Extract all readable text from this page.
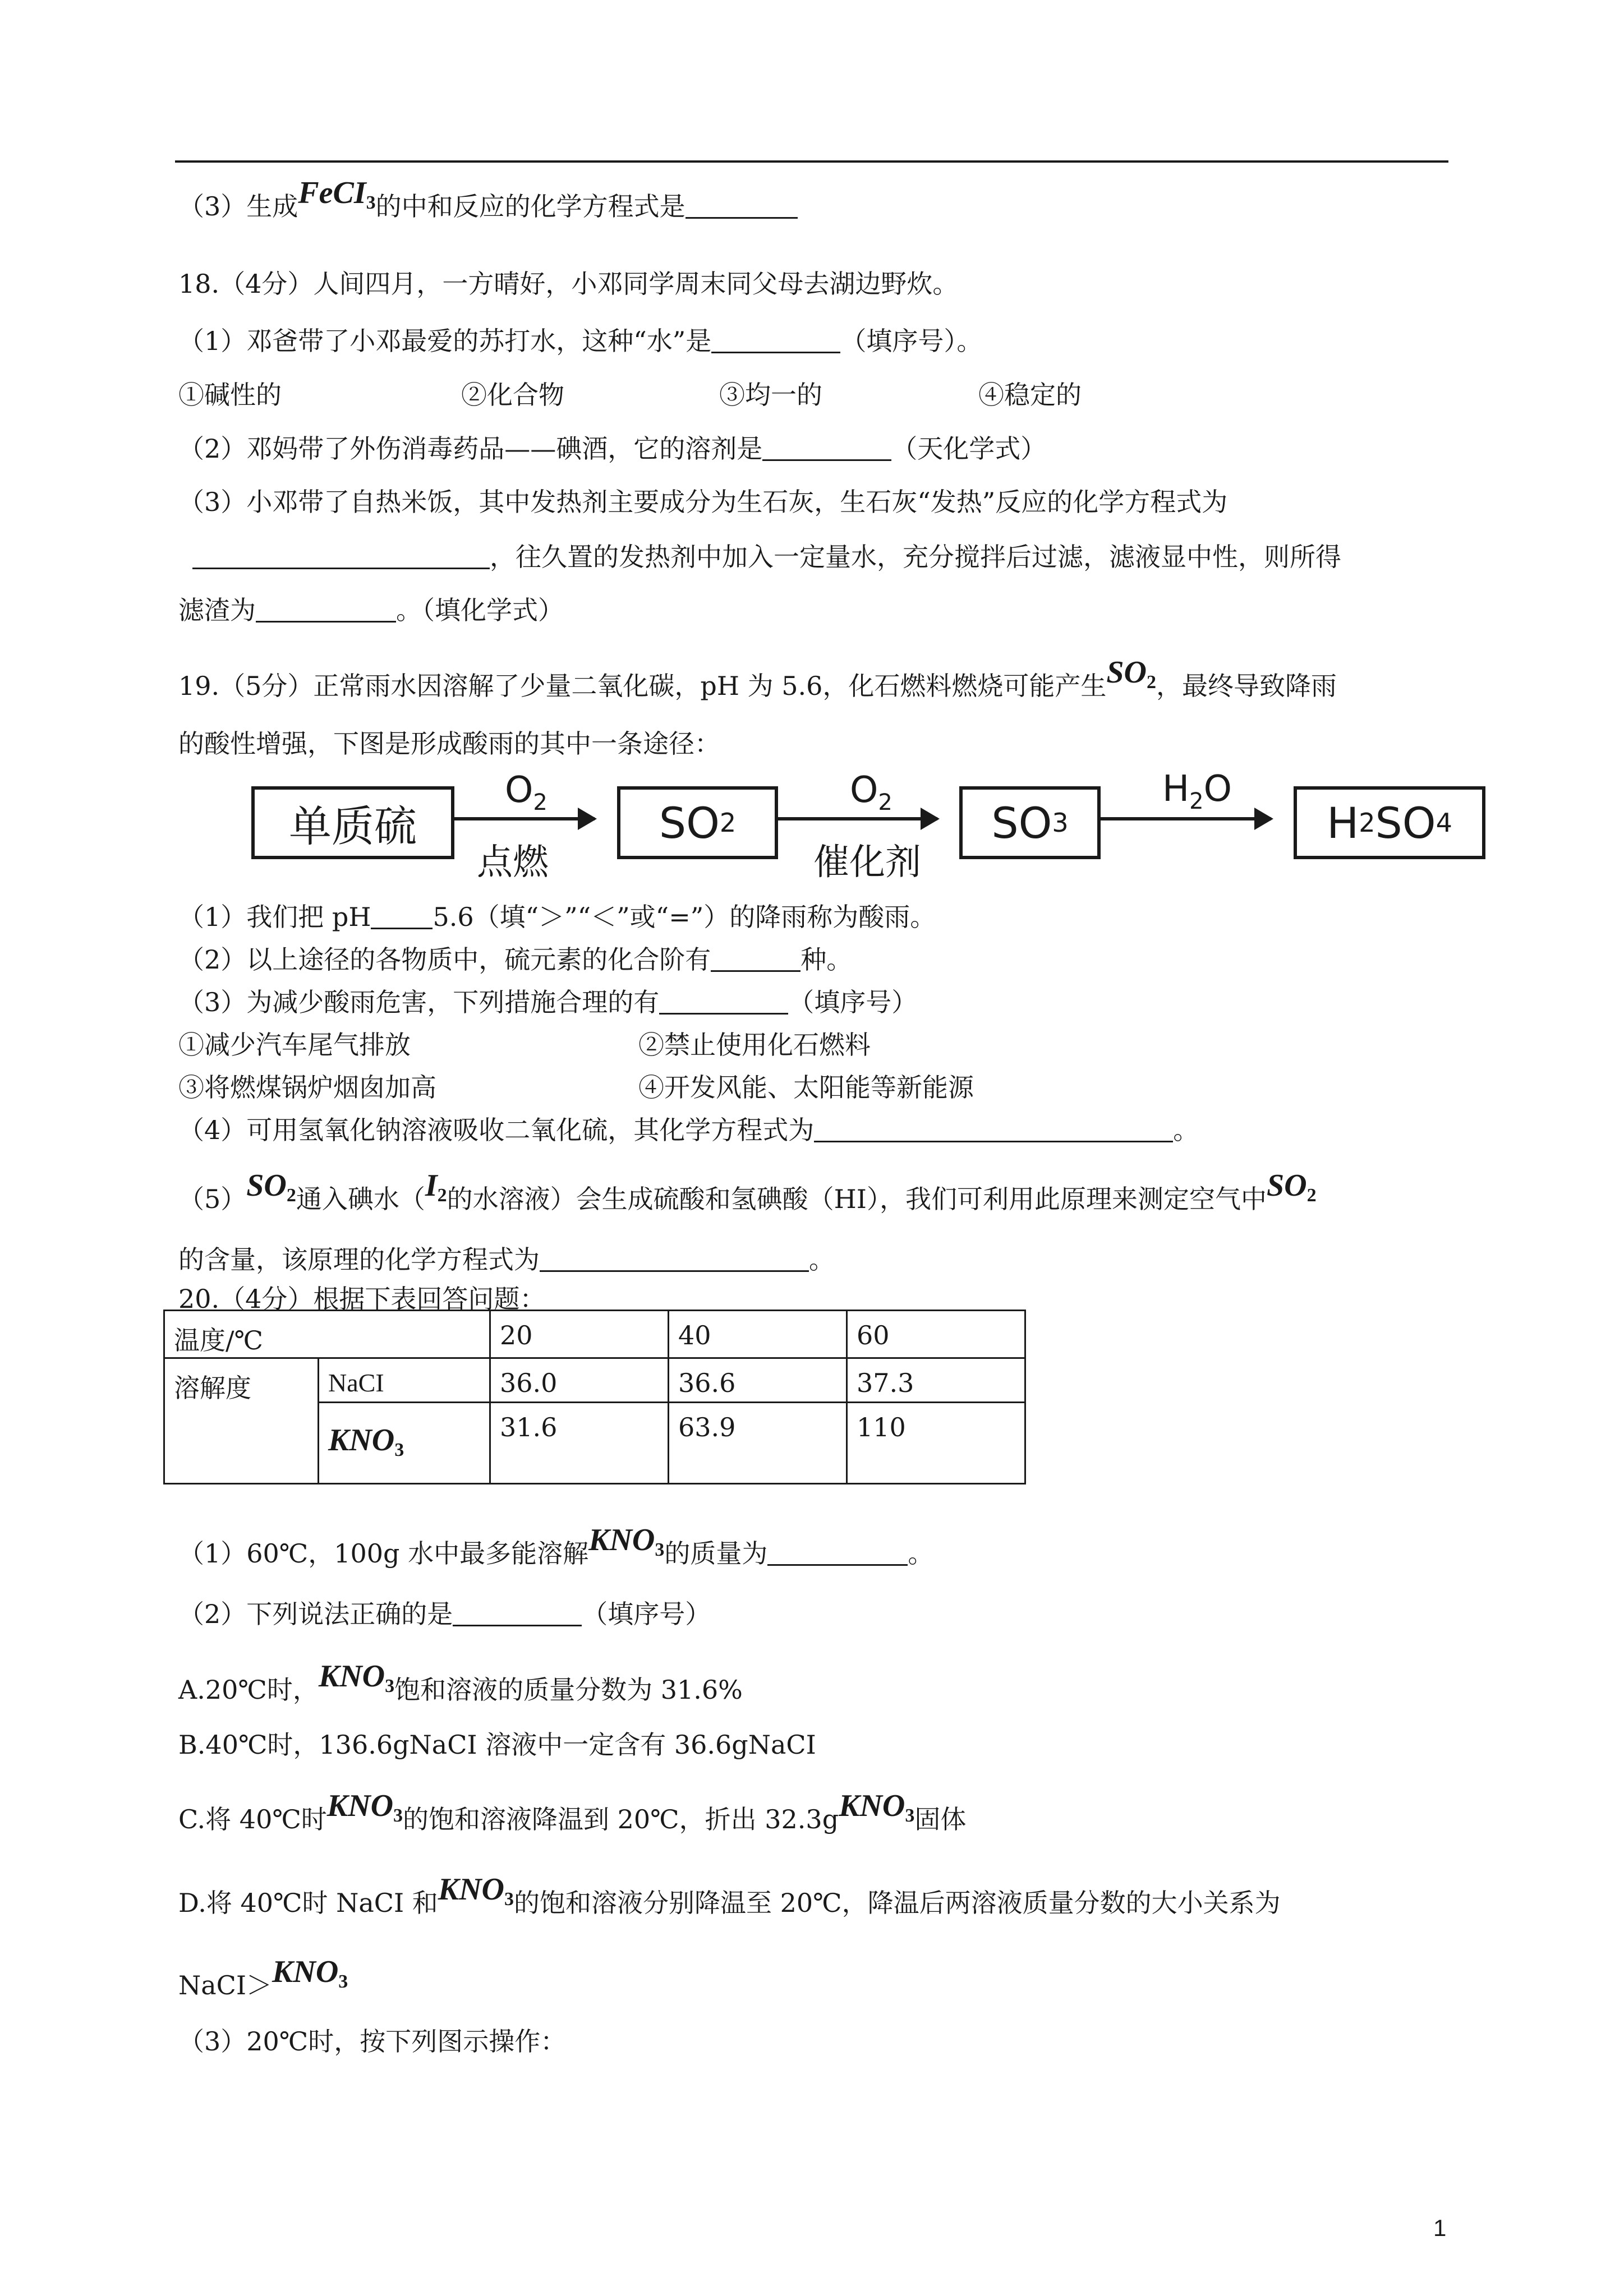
（3）生成FeCI$_3$的中和反应的化学方程式是
18.（4分）人间四月，一方晴好，小邓同学周末同父母去湖边野炊。
（1）邓爸带了小邓最爱的苏打水，这种“水”是	（填序号）。
①碱性的	②化合物	③均一的	④稳定的
（2）邓妈带了外伤消毒药品——碘酒，它的溶剂是	（天化学式）
（3）小邓带了自热米饭，其中发热剂主要成分为生石灰，生石灰“发热”反应的化学方程式为
，往久置的发热剂中加入一定量水，充分搅拌后过滤，滤液显中性，则所得
滤渣为	。（填化学式）
19.（5分）正常雨水因溶解了少量二氧化碳，pH 为 5.6，化石燃料燃烧可能产生$SO_2$，最终导致降雨
的酸性增强，下图是形成酸雨的其中一条途径：
单质硫
$O_2$
点燃
SO 2
$O_2$
催化剂
SO 3
$H_2O$
H 2 SO 4
（1）我们把 pH 5.6（填“＞”“＜”或“=”）的降雨称为酸雨。
（2）以上途径的各物质中，硫元素的化合阶有	种。
（3）为减少酸雨危害，下列措施合理的有	（填序号）
①减少汽车尾气排放	②禁止使用化石燃料
③将燃煤锅炉烟囱加高	④开发风能、太阳能等新能源
（4）可用氢氧化钠溶液吸收二氧化硫，其化学方程式为	。
$(5)SO_2$通入碘水（$I_2$的水溶液）会生成硫酸和氢碘酸（HI），我们可利用此原理来测定空气中$SO_2$
的含量，该原理的化学方程式为	。
20.（4分）根据下表回答问题：
温度/℃		20	40	60
溶解度	NaCI	36.0	36.6	37.3
	$KNO_3$	31.6	63.9	110
（1）60℃，100g 水中最多能溶解$KNO_3$的质量为	。
（2）下列说法正确的是	（填序号）
A.20℃时，$KNO_3$饱和溶液的质量分数为 31.6%
B.40℃时，136.6gNaCI 溶液中一定含有 36.6gNaCI
C.将 40℃时$KNO_3$的饱和溶液降温到 20℃，折出 32.3gKNO$_3$固体
D.将 40℃时 NaCI 和$KNO_3$的饱和溶液分别降温至 20℃，降温后两溶液质量分数的大小关系为
$NaCI>KNO_3$
（3）20℃时，按下列图示操作：
1
